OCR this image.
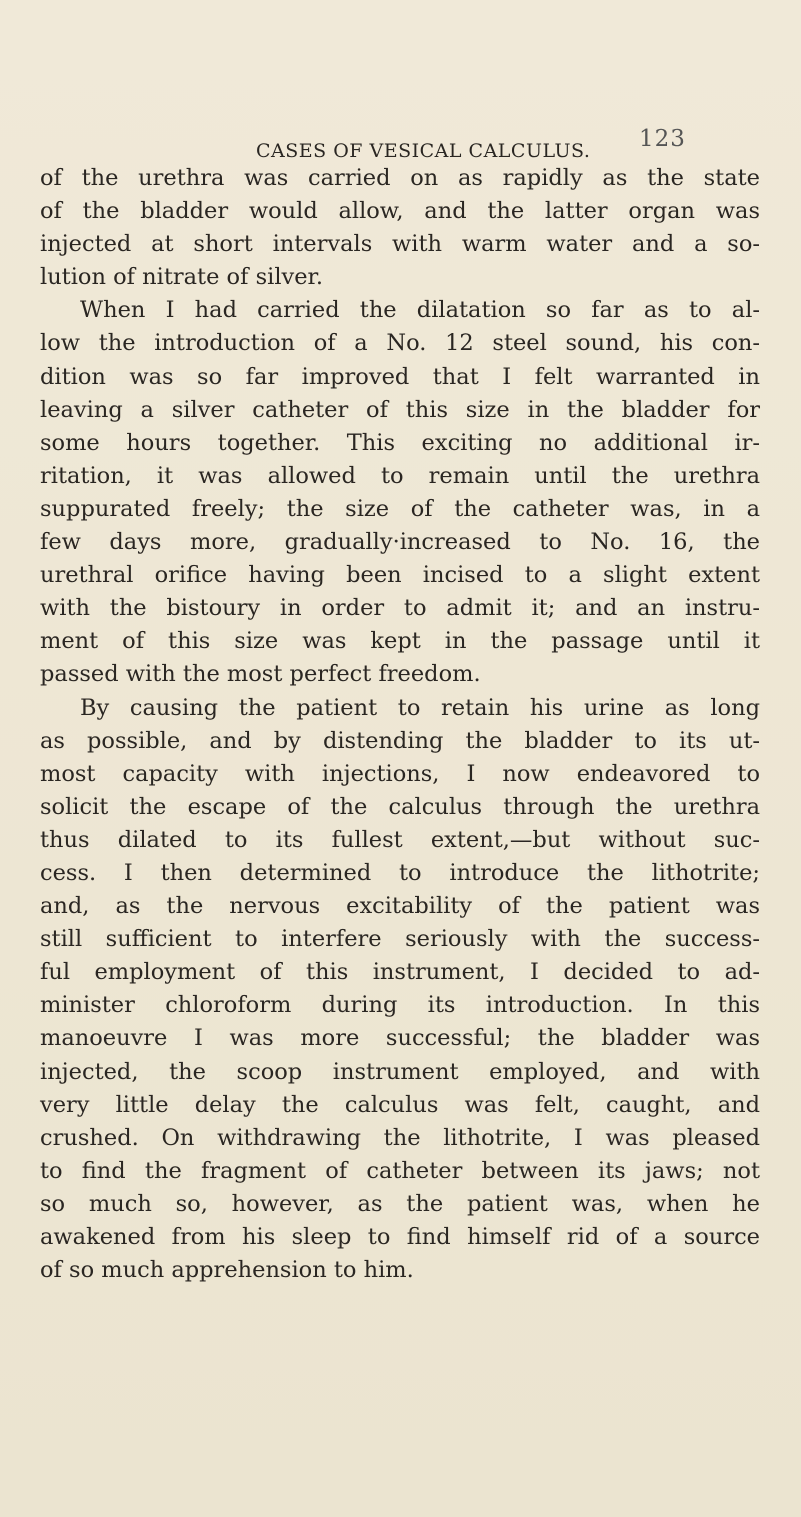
CASES OF VESICAL CALCULUS. 123
of the urethra was carried on as rapidly as the state
of the bladder would allow, and the latter organ was
injected at short intervals with warm water and a so-
lution of nitrate of silver.
When I had carried the dilatation so far as to al-
low the introduction of a No. 12 steel sound, his con-
dition was so far improved that I felt warranted in
leaving a silver catheter of this size in the bladder for
some hours together. This exciting no additional ir-
ritation, it was allowed to remain until the urethra
suppurated freely; the size of the catheter was, in a
few days more, gradually·increased to No. 16, the
urethral orifice having been incised to a slight extent
with the bistoury in order to admit it; and an instru-
ment of this size was kept in the passage until it
passed with the most perfect freedom.
By causing the patient to retain his urine as long
as possible, and by distending the bladder to its ut-
most capacity with injections, I now endeavored to
solicit the escape of the calculus through the urethra
thus dilated to its fullest extent,—but without suc-
cess. I then determined to introduce the lithotrite;
and, as the nervous excitability of the patient was
still sufficient to interfere seriously with the success-
ful employment of this instrument, I decided to ad-
minister chloroform during its introduction. In this
manoeuvre I was more successful; the bladder was
injected, the scoop instrument employed, and with
very little delay the calculus was felt, caught, and
crushed. On withdrawing the lithotrite, I was pleased
to find the fragment of catheter between its jaws; not
so much so, however, as the patient was, when he
awakened from his sleep to find himself rid of a source
of so much apprehension to him.
